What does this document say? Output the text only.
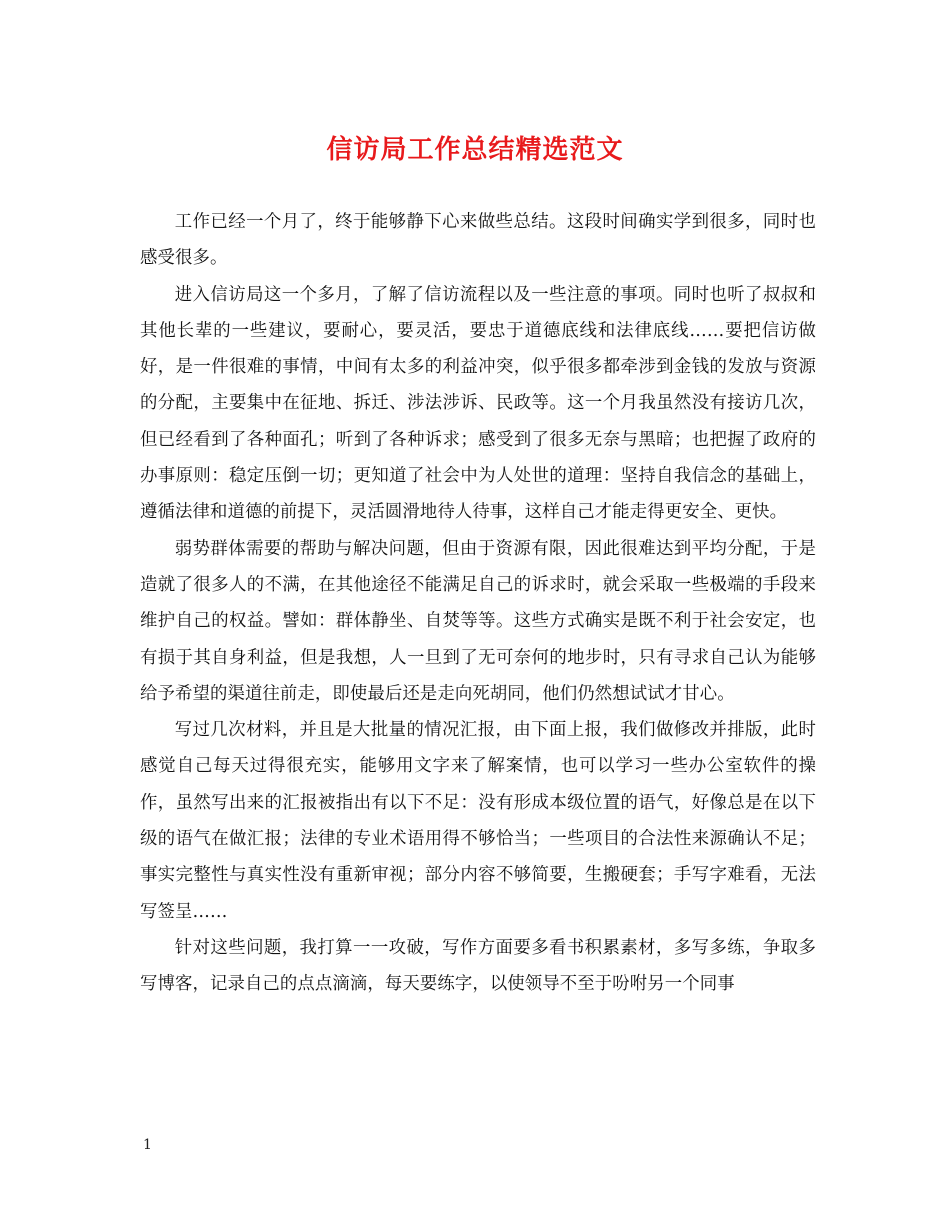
信访局工作总结精选范文

工作已经一个月了，终于能够静下心来做些总结。这段时间确实学到很多，同时也感受很多。

进入信访局这一个多月，了解了信访流程以及一些注意的事项。同时也听了叔叔和其他长辈的一些建议，要耐心，要灵活，要忠于道德底线和法律底线……要把信访做好，是一件很难的事情，中间有太多的利益冲突，似乎很多都牵涉到金钱的发放与资源的分配，主要集中在征地、拆迁、涉法涉诉、民政等。这一个月我虽然没有接访几次，但已经看到了各种面孔；听到了各种诉求；感受到了很多无奈与黑暗；也把握了政府的办事原则：稳定压倒一切；更知道了社会中为人处世的道理：坚持自我信念的基础上，遵循法律和道德的前提下，灵活圆滑地待人待事，这样自己才能走得更安全、更快。

弱势群体需要的帮助与解决问题，但由于资源有限，因此很难达到平均分配，于是造就了很多人的不满，在其他途径不能满足自己的诉求时，就会采取一些极端的手段来维护自己的权益。譬如：群体静坐、自焚等等。这些方式确实是既不利于社会安定，也有损于其自身利益，但是我想，人一旦到了无可奈何的地步时，只有寻求自己认为能够给予希望的渠道往前走，即使最后还是走向死胡同，他们仍然想试试才甘心。

写过几次材料，并且是大批量的情况汇报，由下面上报，我们做修改并排版，此时感觉自己每天过得很充实，能够用文字来了解案情，也可以学习一些办公室软件的操作，虽然写出来的汇报被指出有以下不足：没有形成本级位置的语气，好像总是在以下级的语气在做汇报；法律的专业术语用得不够恰当；一些项目的合法性来源确认不足；事实完整性与真实性没有重新审视；部分内容不够简要，生搬硬套；手写字难看，无法写签呈……

针对这些问题，我打算一一攻破，写作方面要多看书积累素材，多写多练，争取多写博客，记录自己的点点滴滴，每天要练字，以使领导不至于吩咐另一个同事

1
